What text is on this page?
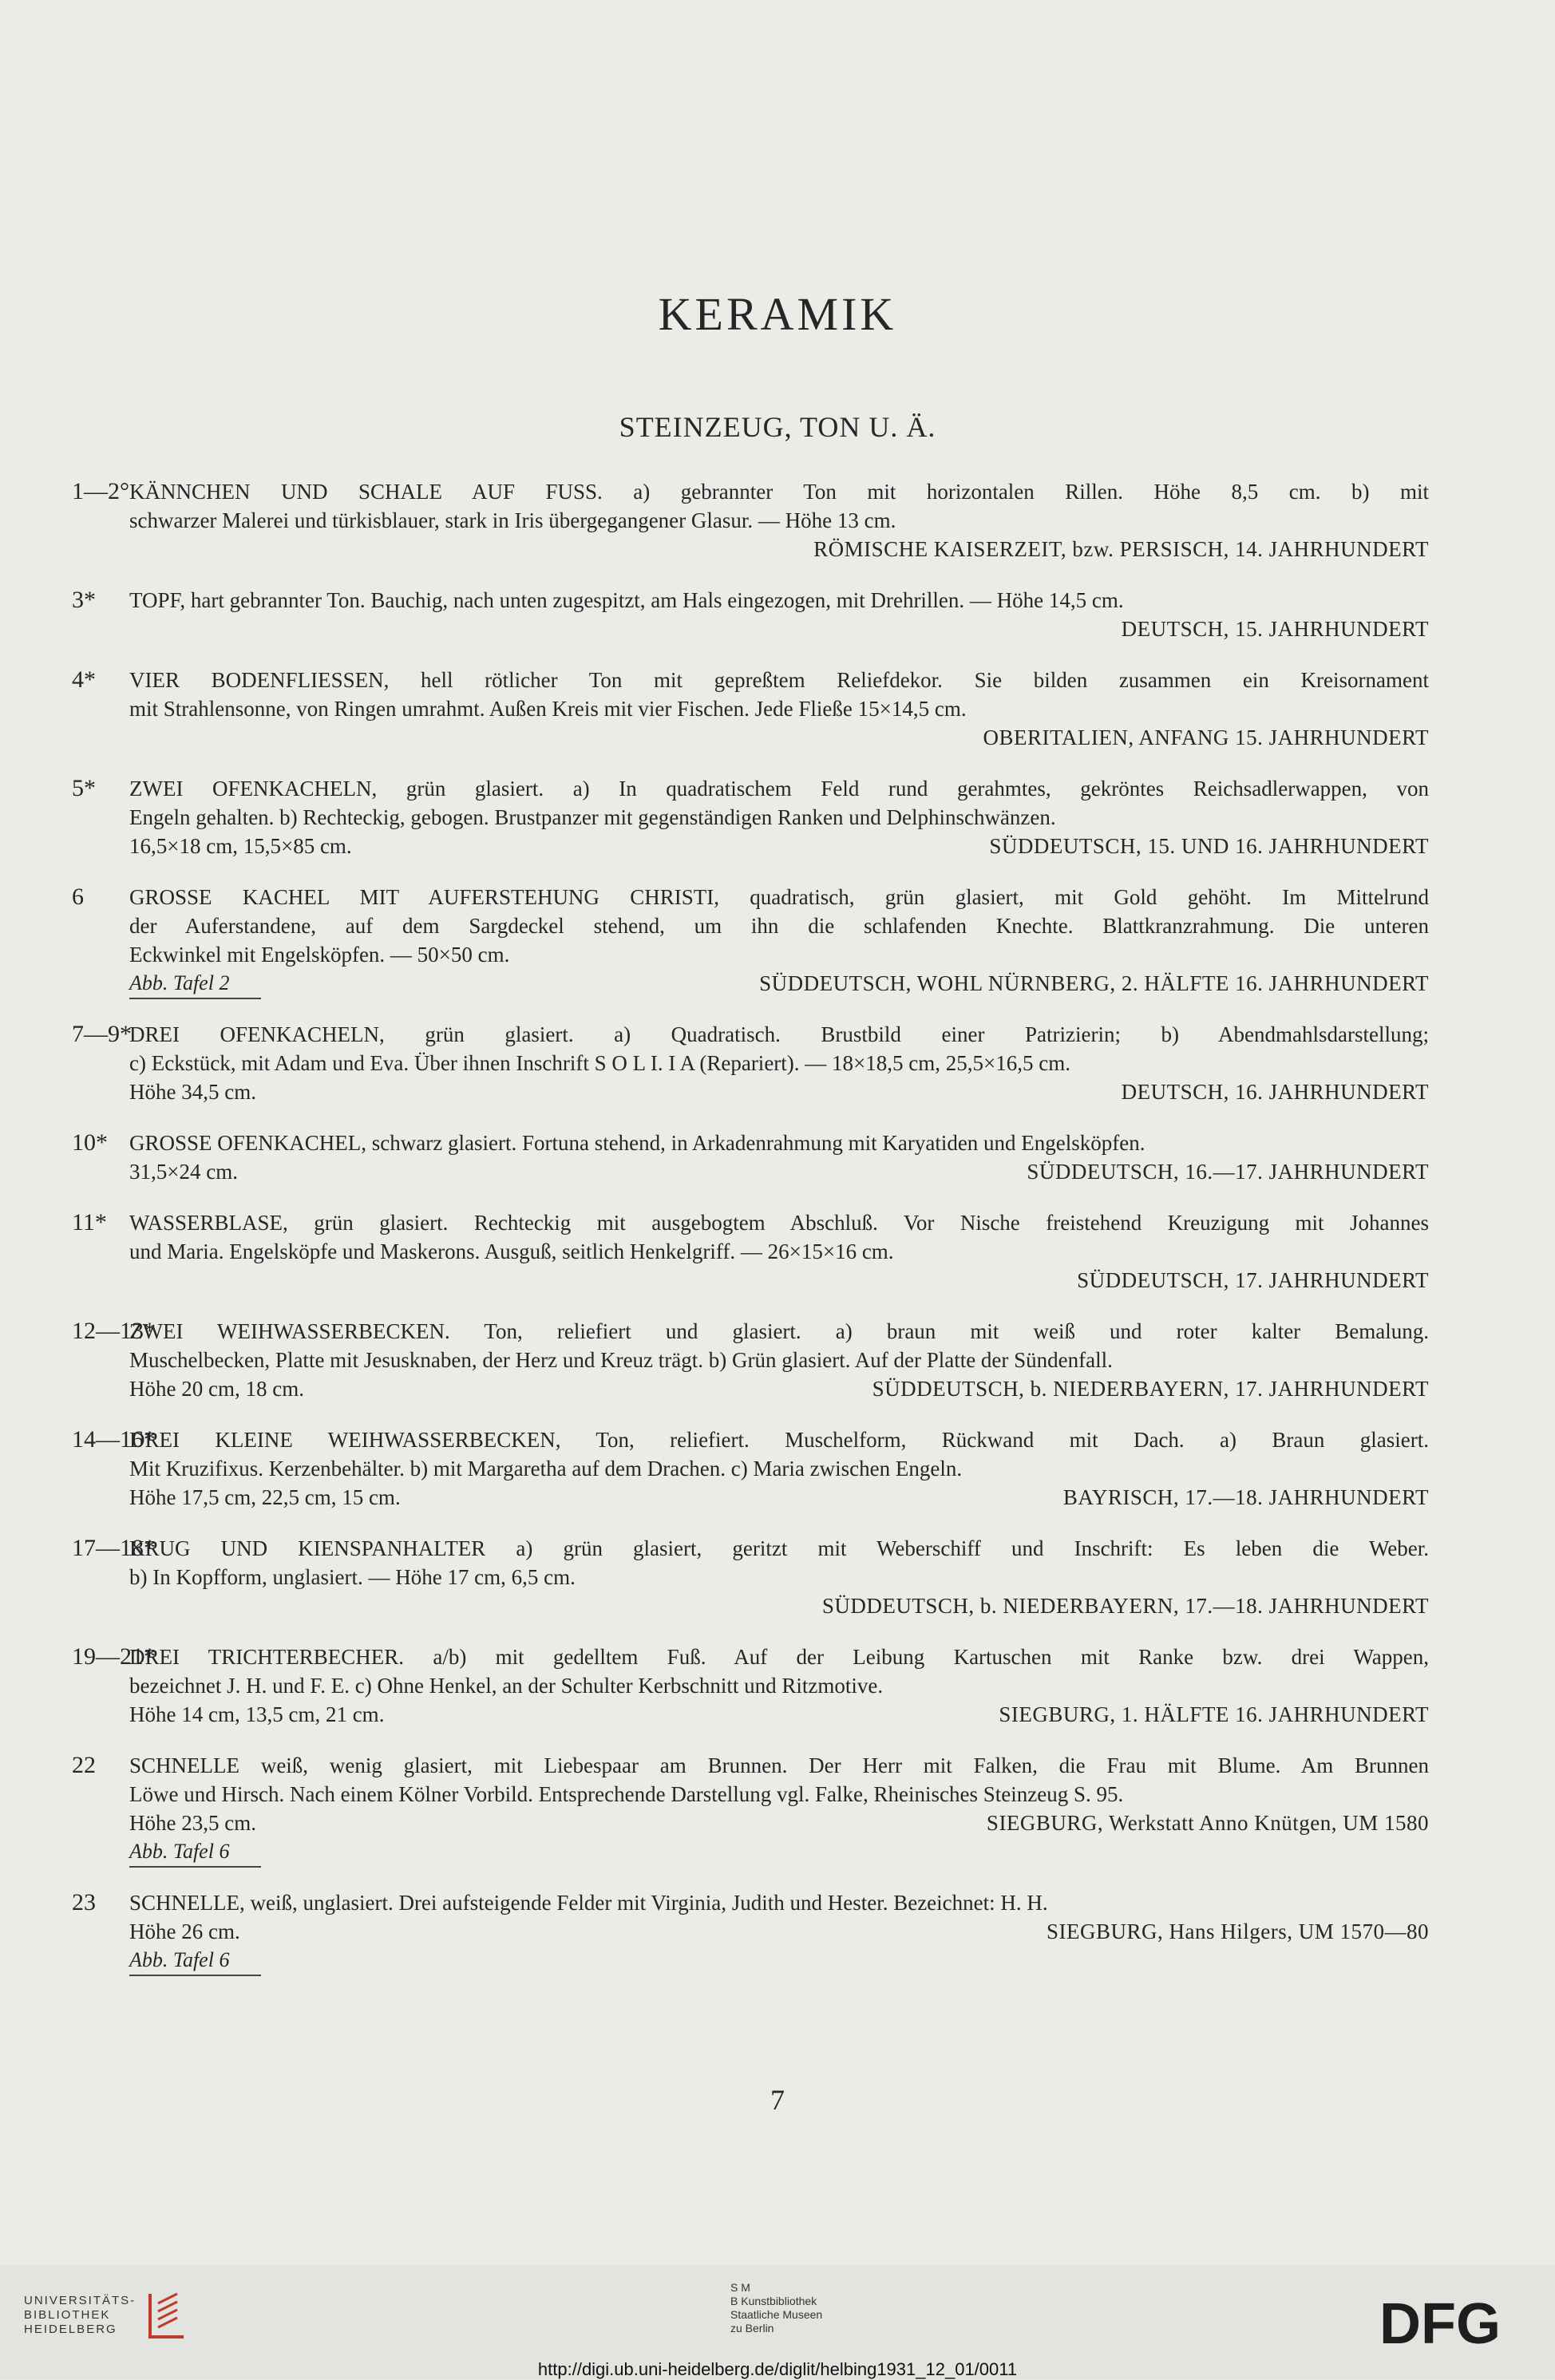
KERAMIK
STEINZEUG, TON U. Ä.
1—2° KÄNNCHEN UND SCHALE AUF FUSS. a) gebrannter Ton mit horizontalen Rillen. Höhe 8,5 cm. b) mit
schwarzer Malerei und türkisblauer, stark in Iris übergegangener Glasur. — Höhe 13 cm.
RÖMISCHE KAISERZEIT, bzw. PERSISCH, 14. JAHRHUNDERT
3*	TOPF, hart gebrannter Ton. Bauchig, nach unten zugespitzt, am Hals eingezogen, mit Drehrillen. — Höhe 14,5 cm.
DEUTSCH, 15. JAHRHUNDERT
4*	VIER BODENFLIESSEN, hell rötlicher Ton mit gepreßtem Reliefdekor. Sie bilden zusammen ein Kreisornament
mit Strahlensonne, von Ringen umrahmt. Außen Kreis mit vier Fischen. Jede Fließe 15×14,5 cm.
OBERITALIEN, ANFANG 15. JAHRHUNDERT
5*	ZWEI OFENKACHELN, grün glasiert. a) In quadratischem Feld rund gerahmtes, gekröntes Reichsadlerwappen, von
Engeln gehalten. b) Rechteckig, gebogen. Brustpanzer mit gegenständigen Ranken und Delphinschwänzen.
16,5×18 cm, 15,5×85 cm.	SÜDDEUTSCH, 15. UND 16. JAHRHUNDERT
6	GROSSE KACHEL MIT AUFERSTEHUNG CHRISTI, quadratisch, grün glasiert, mit Gold gehöht. Im Mittelrund
der Auferstandene, auf dem Sargdeckel stehend, um ihn die schlafenden Knechte. Blattkranzrahmung. Die unteren
Eckwinkel mit Engelsköpfen. — 50×50 cm.
Abb. Tafel 2	SÜDDEUTSCH, WOHL NÜRNBERG, 2. HÄLFTE 16. JAHRHUNDERT
7—9*
DREI OFENKACHELN, grün glasiert. a) Quadratisch. Brustbild einer Patrizierin; b) Abendmahlsdarstellung;
c) Eckstück, mit Adam und Eva. Über ihnen Inschrift S O L I. I A (Repariert). — 18×18,5 cm, 25,5×16,5 cm.
Höhe 34,5 cm.	DEUTSCH, 16. JAHRHUNDERT
10*	GROSSE OFENKACHEL, schwarz glasiert. Fortuna stehend, in Arkadenrahmung mit Karyatiden und Engelsköpfen.
31,5×24 cm.	SÜDDEUTSCH, 16.—17. JAHRHUNDERT
11*	WASSERBLASE, grün glasiert. Rechteckig mit ausgebogtem Abschluß. Vor Nische freistehend Kreuzigung mit Johannes
und Maria. Engelsköpfe und Maskerons. Ausguß, seitlich Henkelgriff. — 26×15×16 cm.
SÜDDEUTSCH, 17. JAHRHUNDERT
12—13*
ZWEI WEIHWASSERBECKEN. Ton, reliefiert und glasiert. a) braun mit weiß und roter kalter Bemalung.
Muschelbecken, Platte mit Jesusknaben, der Herz und Kreuz trägt. b) Grün glasiert. Auf der Platte der Sündenfall.
Höhe 20 cm, 18 cm.	SÜDDEUTSCH, b. NIEDERBAYERN, 17. JAHRHUNDERT
14—16*
DREI KLEINE WEIHWASSERBECKEN, Ton, reliefiert. Muschelform, Rückwand mit Dach. a) Braun glasiert.
Mit Kruzifixus. Kerzenbehälter. b) mit Margaretha auf dem Drachen. c) Maria zwischen Engeln.
Höhe 17,5 cm, 22,5 cm, 15 cm.	BAYRISCH, 17.—18. JAHRHUNDERT
17—18*
KRUG UND KIENSPANHALTER a) grün glasiert, geritzt mit Weberschiff und Inschrift: Es leben die Weber.
b) In Kopfform, unglasiert. — Höhe 17 cm, 6,5 cm.
SÜDDEUTSCH, b. NIEDERBAYERN, 17.—18. JAHRHUNDERT
19—21*
DREI TRICHTERBECHER. a/b) mit gedelltem Fuß. Auf der Leibung Kartuschen mit Ranke bzw. drei Wappen,
bezeichnet J. H. und F. E. c) Ohne Henkel, an der Schulter Kerbschnitt und Ritzmotive.
Höhe 14 cm, 13,5 cm, 21 cm.	SIEGBURG, 1. HÄLFTE 16. JAHRHUNDERT
22	SCHNELLE weiß, wenig glasiert, mit Liebespaar am Brunnen. Der Herr mit Falken, die Frau mit Blume. Am Brunnen
Löwe und Hirsch. Nach einem Kölner Vorbild. Entsprechende Darstellung vgl. Falke, Rheinisches Steinzeug S. 95.
Höhe 23,5 cm.	SIEGBURG, Werkstatt Anno Knütgen, UM 1580
Abb. Tafel 6
23	SCHNELLE, weiß, unglasiert. Drei aufsteigende Felder mit Virginia, Judith und Hester. Bezeichnet: H. H.
Höhe 26 cm.	SIEGBURG, Hans Hilgers, UM 1570—80
Abb. Tafel 6
7
UNIVERSITÄTS-
BIBLIOTHEK
HEIDELBERG
S M
B Kunstbibliothek
Staatliche Museen
zu Berlin	DFG
http://digi.ub.uni-heidelberg.de/diglit/helbing1931_12_01/0011
